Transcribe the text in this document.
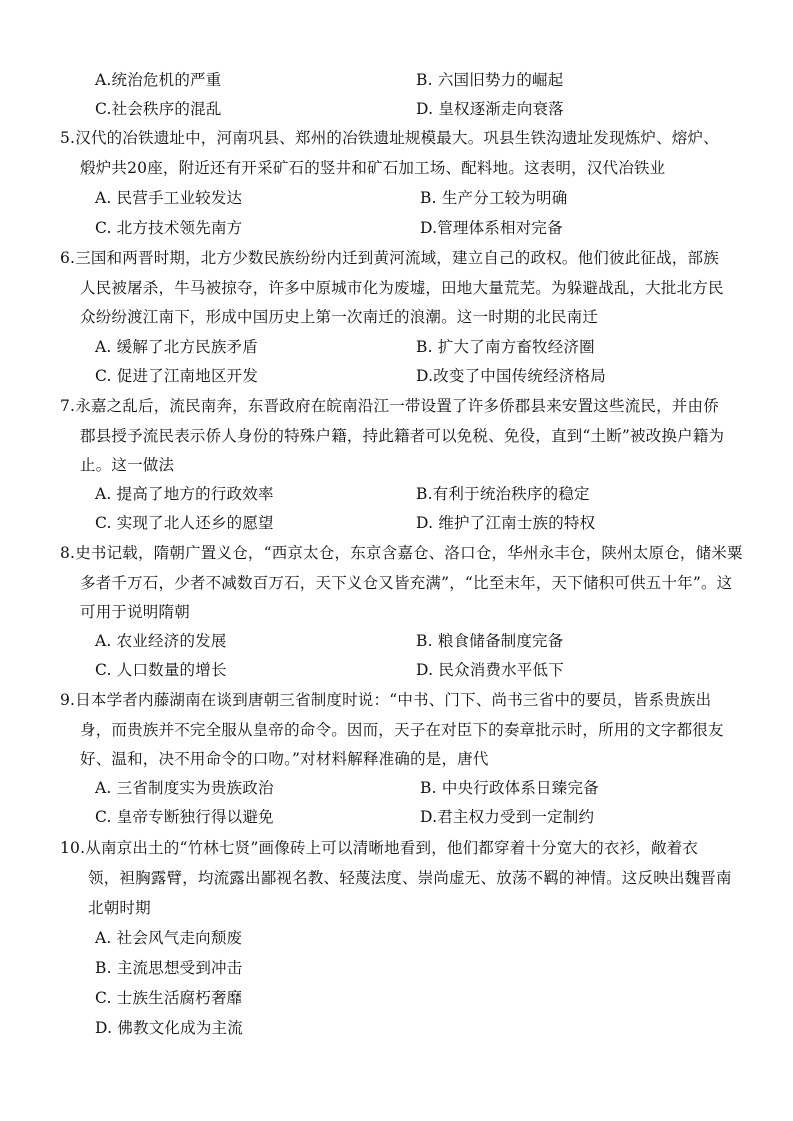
A.统治危机的严重	B. 六国旧势力的崛起
C.社会秩序的混乱	D. 皇权逐渐走向衰落
5.汉代的冶铁遗址中，河南巩县、郑州的冶铁遗址规模最大。巩县生铁沟遗址发现炼炉、熔炉、
煅炉共20座，附近还有开采矿石的竖井和矿石加工场、配料地。这表明，汉代冶铁业
A. 民营手工业较发达	B. 生产分工较为明确
C. 北方技术领先南方	D.管理体系相对完备
6.三国和两晋时期，北方少数民族纷纷内迁到黄河流域，建立自己的政权。他们彼此征战，部族
人民被屠杀，牛马被掠夺，许多中原城市化为废墟，田地大量荒芜。为躲避战乱，大批北方民
众纷纷渡江南下，形成中国历史上第一次南迁的浪潮。这一时期的北民南迁
A. 缓解了北方民族矛盾	B. 扩大了南方畜牧经济圈
C. 促进了江南地区开发	D.改变了中国传统经济格局
7.永嘉之乱后，流民南奔，东晋政府在皖南沿江一带设置了许多侨郡县来安置这些流民，并由侨
郡县授予流民表示侨人身份的特殊户籍，持此籍者可以免税、免役，直到“土断”被改换户籍为
止。这一做法
A. 提高了地方的行政效率	B.有利于统治秩序的稳定
C. 实现了北人还乡的愿望	D. 维护了江南士族的特权
8.史书记载，隋朝广置义仓，“西京太仓，东京含嘉仓、洛口仓，华州永丰仓，陕州太原仓，储米粟
多者千万石，少者不减数百万石，天下义仓又皆充满”，“比至末年，天下储积可供五十年”。这
可用于说明隋朝
A. 农业经济的发展	B. 粮食储备制度完备
C. 人口数量的增长	D. 民众消费水平低下
9.日本学者内藤湖南在谈到唐朝三省制度时说：“中书、门下、尚书三省中的要员，皆系贵族出
身，而贵族并不完全服从皇帝的命令。因而，天子在对臣下的奏章批示时，所用的文字都很友
好、温和，决不用命令的口吻。”对材料解释准确的是，唐代
A. 三省制度实为贵族政治	B. 中央行政体系日臻完备
C. 皇帝专断独行得以避免	D.君主权力受到一定制约
10.从南京出土的“竹林七贤”画像砖上可以清晰地看到，他们都穿着十分宽大的衣衫，敞着衣
领，袒胸露臂，均流露出鄙视名教、轻蔑法度、崇尚虚无、放荡不羁的神情。这反映出魏晋南
北朝时期
A. 社会风气走向颓废
B. 主流思想受到冲击
C. 士族生活腐朽奢靡
D. 佛教文化成为主流
